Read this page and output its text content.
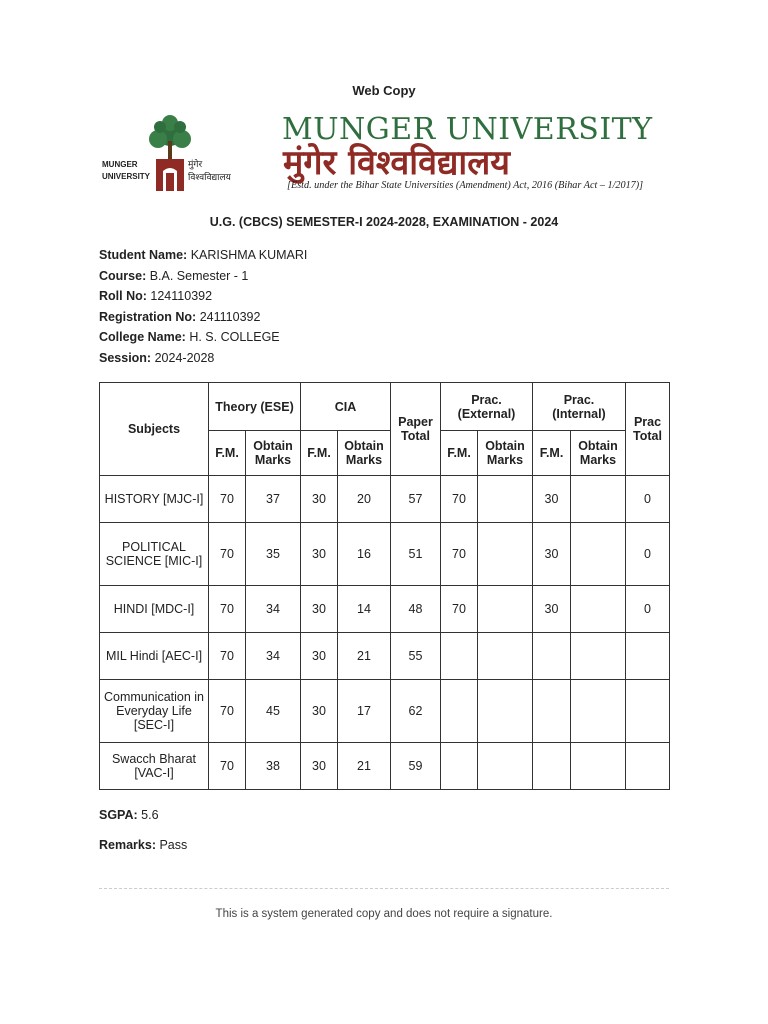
Web Copy
MUNGER
UNIVERSITY
मुंगेर
विश्वविद्यालय
MUNGER UNIVERSITY
मुंगेर विश्वविद्यालय
[Estd. under the Bihar State Universities (Amendment) Act, 2016 (Bihar Act – 1/2017)]
U.G. (CBCS) SEMESTER-I 2024-2028, EXAMINATION - 2024
Student Name: KARISHMA KUMARI
Course: B.A. Semester - 1
Roll No: 124110392
Registration No: 241110392
College Name: H. S. COLLEGE
Session: 2024-2028
Subjects	Theory (ESE)		CIA		Paper Total	Prac. (External)		Prac. (Internal)		Prac Total
	F.M.	Obtain Marks	F.M.	Obtain Marks		F.M.	Obtain Marks	F.M.	Obtain Marks	
HISTORY [MJC-I]	70	37	30	20	57	70		30		0
POLITICAL SCIENCE [MIC-I]	70	35	30	16	51	70		30		0
HINDI [MDC-I]	70	34	30	14	48	70		30		0
MIL Hindi [AEC-I]	70	34	30	21	55					
Communication in Everyday Life [SEC-I]	70	45	30	17	62					
Swacch Bharat [VAC-I]	70	38	30	21	59					
SGPA: 5.6
Remarks: Pass
This is a system generated copy and does not require a signature.
